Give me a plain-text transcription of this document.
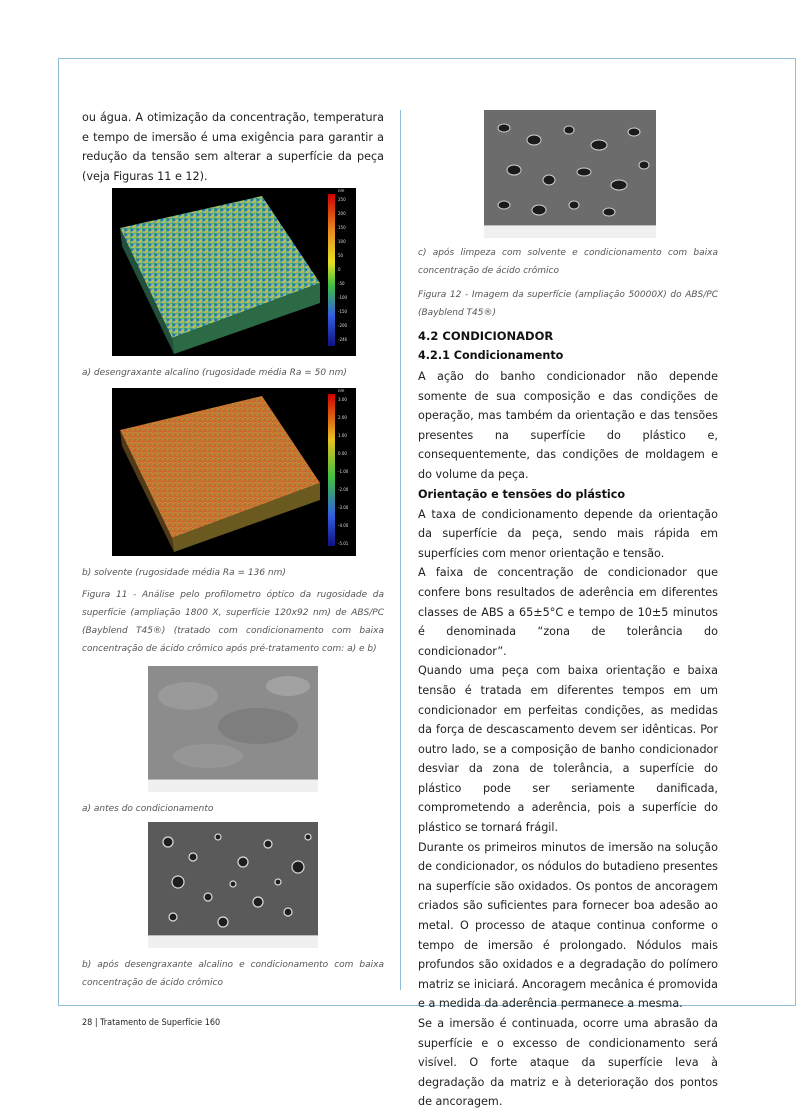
ou água. A otimização da concentração, temperatura e tempo de imersão é uma exigência para garantir a redução da tensão sem alterar a superfície da peça (veja Figuras 11 e 12).

nm
250
200
150
100
50
0
-50
-100
-150
-200
-246

a) desengraxante alcalino (rugosidade média Ra = 50 nm)

nm
3.00
2.00
1.00
0.00
-1.00
-2.00
-3.00
-4.00
-5.01

b) solvente (rugosidade média Ra = 136 nm)

Figura 11 - Análise pelo profilometro óptico da rugosidade da superfície (ampliação 1800 X, superfície 120x92 nm) de ABS/PC (Bayblend T45®) (tratado com condicionamento com baixa concentração de ácido crômico após pré-tratamento com: a) e b)

a) antes do condicionamento

b) após desengraxante alcalino e condicionamento com baixa concentração de ácido crômico

c) após limpeza com solvente e condicionamento com baixa concentração de ácido crômico

Figura 12 - Imagem da superfície (ampliação 50000X) do ABS/PC (Bayblend T45®)

4.2 CONDICIONADOR

4.2.1 Condicionamento

A ação do banho condicionador não depende somente de sua composição e das condições de operação, mas também da orientação e das tensões presentes na superfície do plástico e, consequentemente, das condições de moldagem e do volume da peça.

Orientação e tensões do plástico

A taxa de condicionamento depende da orientação da superfície da peça, sendo mais rápida em superfícies com menor orientação e tensão.

A faixa de concentração de condicionador que confere bons resultados de aderência em diferentes classes de ABS a 65±5°C e tempo de 10±5 minutos é denominada “zona de tolerância do condicionador”.

Quando uma peça com baixa orientação e baixa tensão é tratada em diferentes tempos em um condicionador em perfeitas condições, as medidas da força de descascamento devem ser idênticas. Por outro lado, se a composição de banho condicionador desviar da zona de tolerância, a superfície do plástico pode ser seriamente danificada, comprometendo a aderência, pois a superfície do plástico se tornará frágil.

Durante os primeiros minutos de imersão na solução de condicionador, os nódulos do butadieno presentes na superfície são oxidados. Os pontos de ancoragem criados são suficientes para fornecer boa adesão ao metal. O processo de ataque continua conforme o tempo de imersão é prolongado. Nódulos mais profundos são oxidados e a degradação do polímero matriz se iniciará. Ancoragem mecânica é promovida e a medida da aderência permanece a mesma.

Se a imersão é continuada, ocorre uma abrasão da superfície e o excesso de condicionamento será visível. O forte ataque da superfície leva à degradação da matriz e à deterioração dos pontos de ancoragem.

28 | Tratamento de Superfície 160
